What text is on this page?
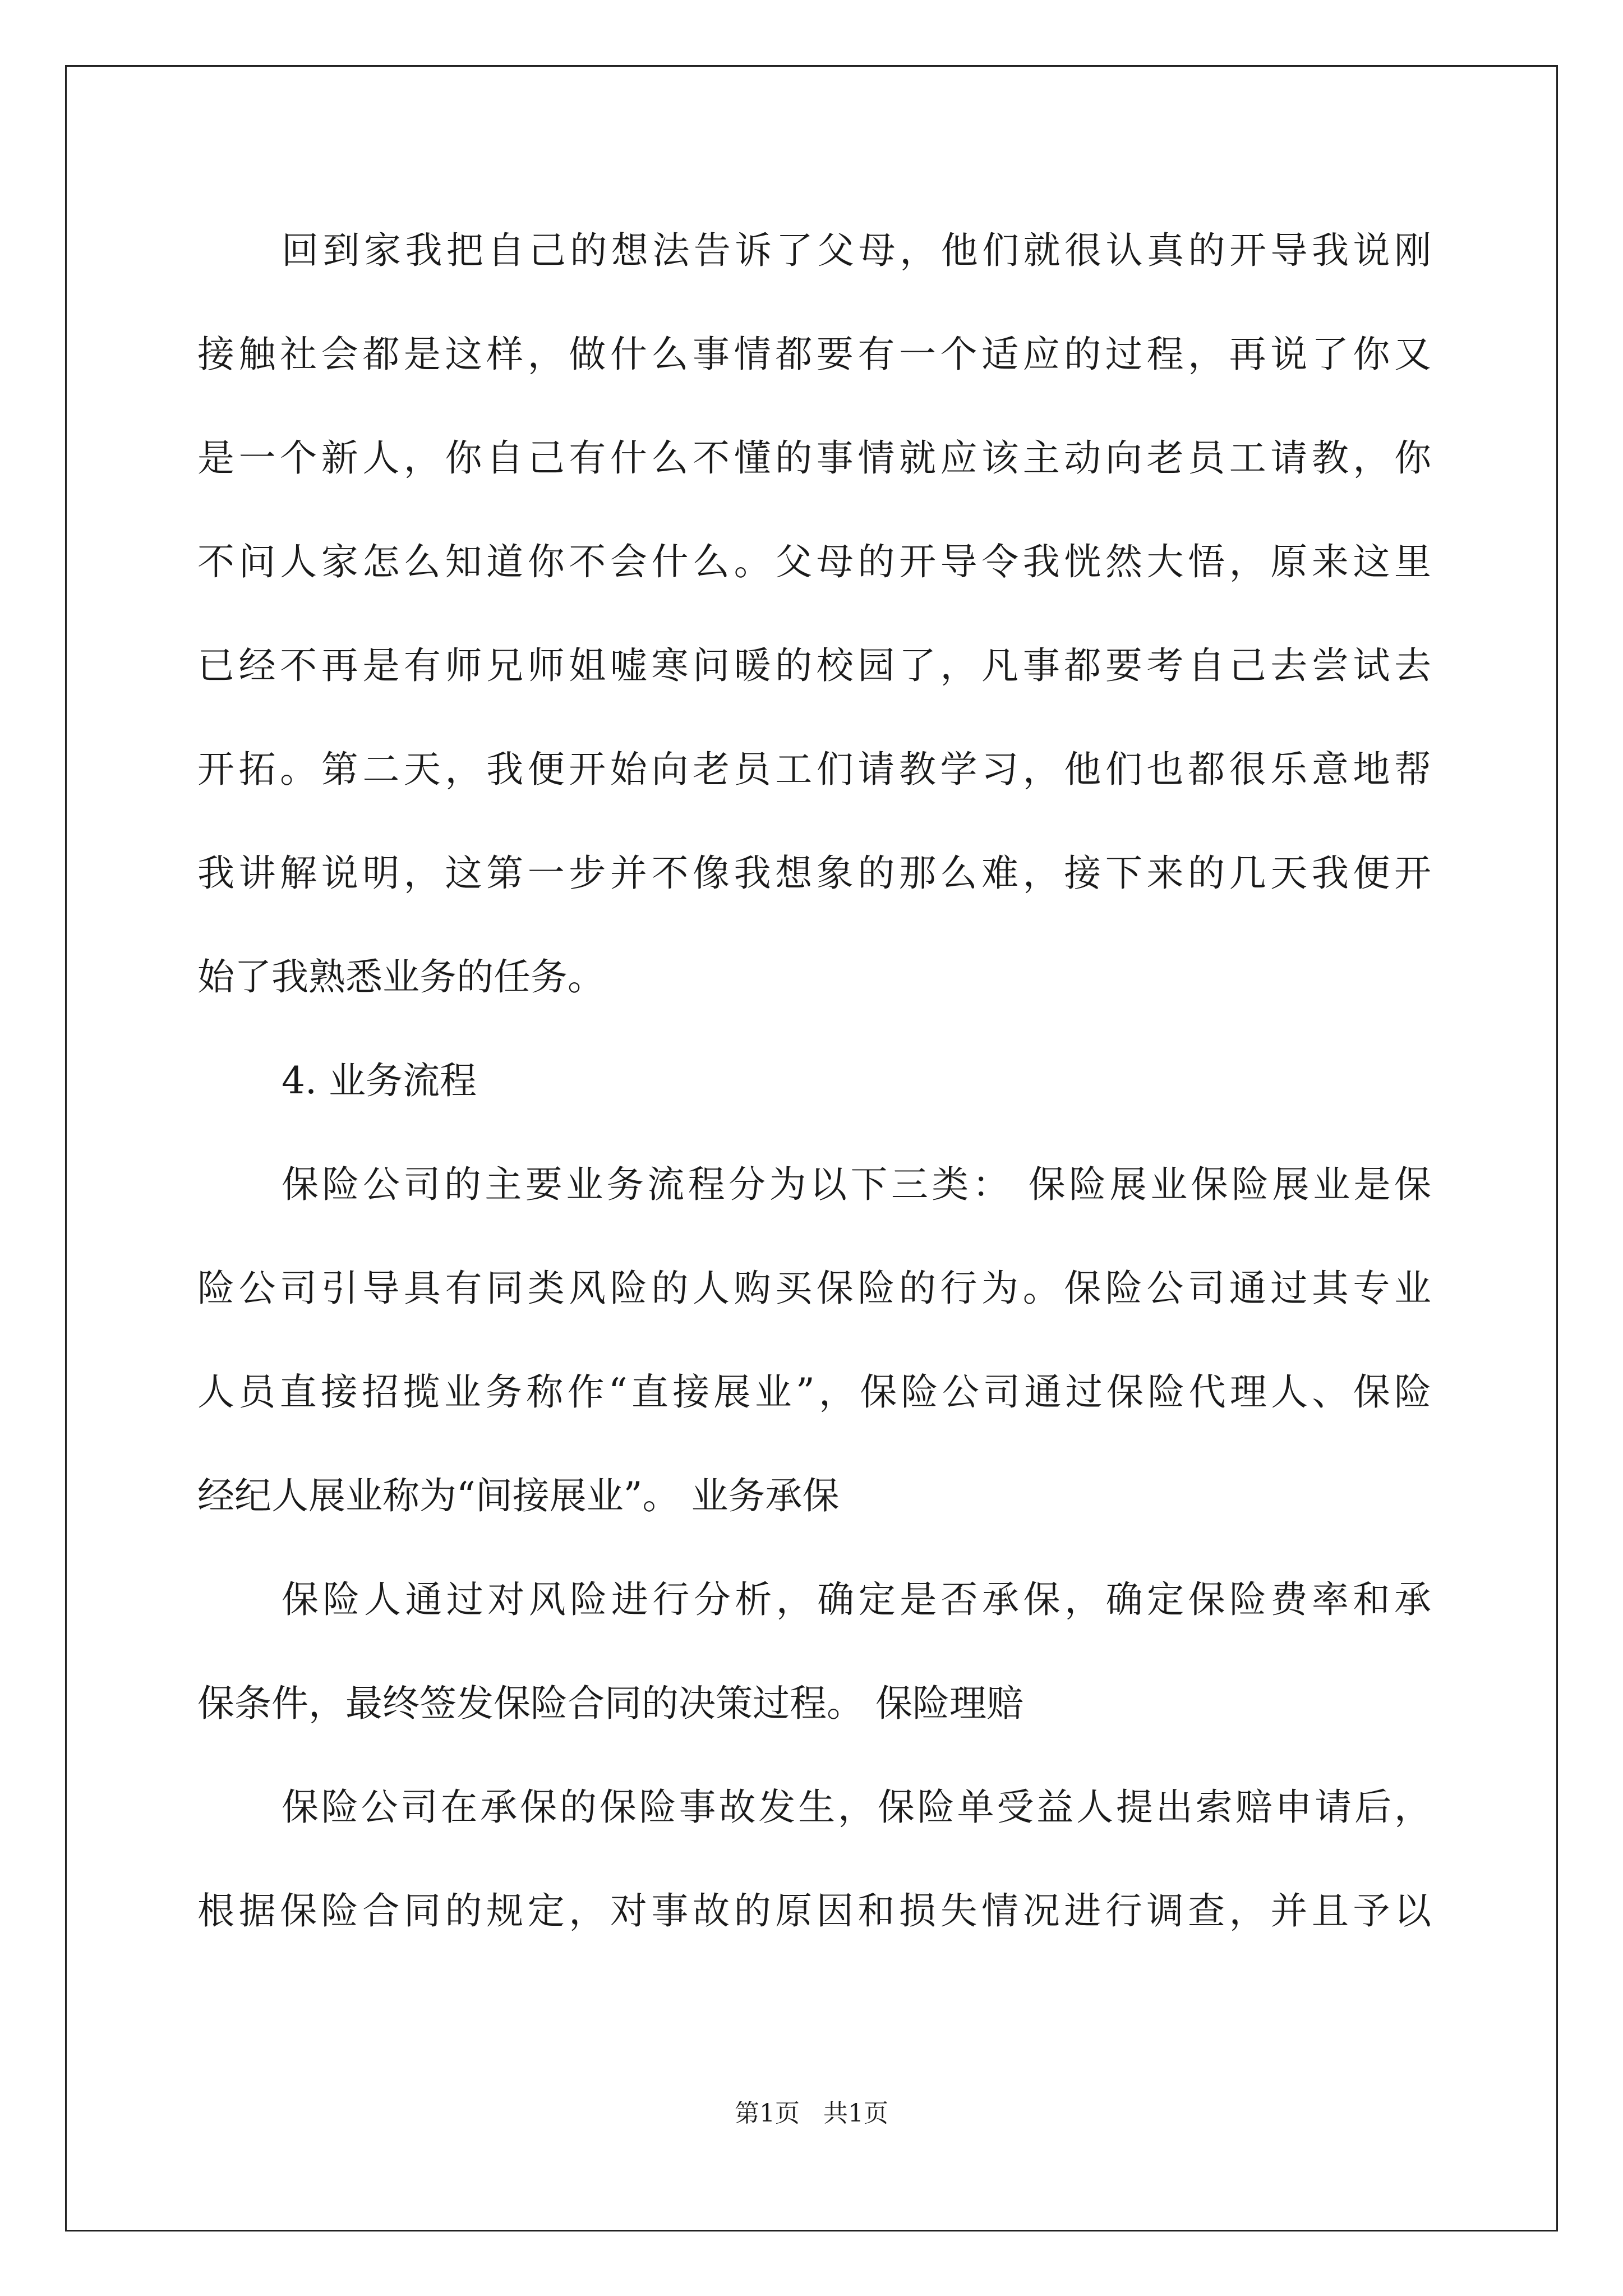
回到家我把自己的想法告诉了父母，他们就很认真的开导我说刚
接触社会都是这样，做什么事情都要有一个适应的过程，再说了你又
是一个新人，你自己有什么不懂的事情就应该主动向老员工请教，你
不问人家怎么知道你不会什么。父母的开导令我恍然大悟，原来这里
已经不再是有师兄师姐嘘寒问暖的校园了，凡事都要考自己去尝试去
开拓。第二天，我便开始向老员工们请教学习，他们也都很乐意地帮
我讲解说明，这第一步并不像我想象的那么难，接下来的几天我便开
始了我熟悉业务的任务。
4. 业务流程
保险公司的主要业务流程分为以下三类： 保险展业保险展业是保
险公司引导具有同类风险的人购买保险的行为。保险公司通过其专业
人员直接招揽业务称作“直接展业”，保险公司通过保险代理人、保险
经纪人展业称为“间接展业”。 业务承保
保险人通过对风险进行分析，确定是否承保，确定保险费率和承
保条件，最终签发保险合同的决策过程。 保险理赔
保险公司在承保的保险事故发生，保险单受益人提出索赔申请后，
根据保险合同的规定，对事故的原因和损失情况进行调查，并且予以
第1页   共1页
